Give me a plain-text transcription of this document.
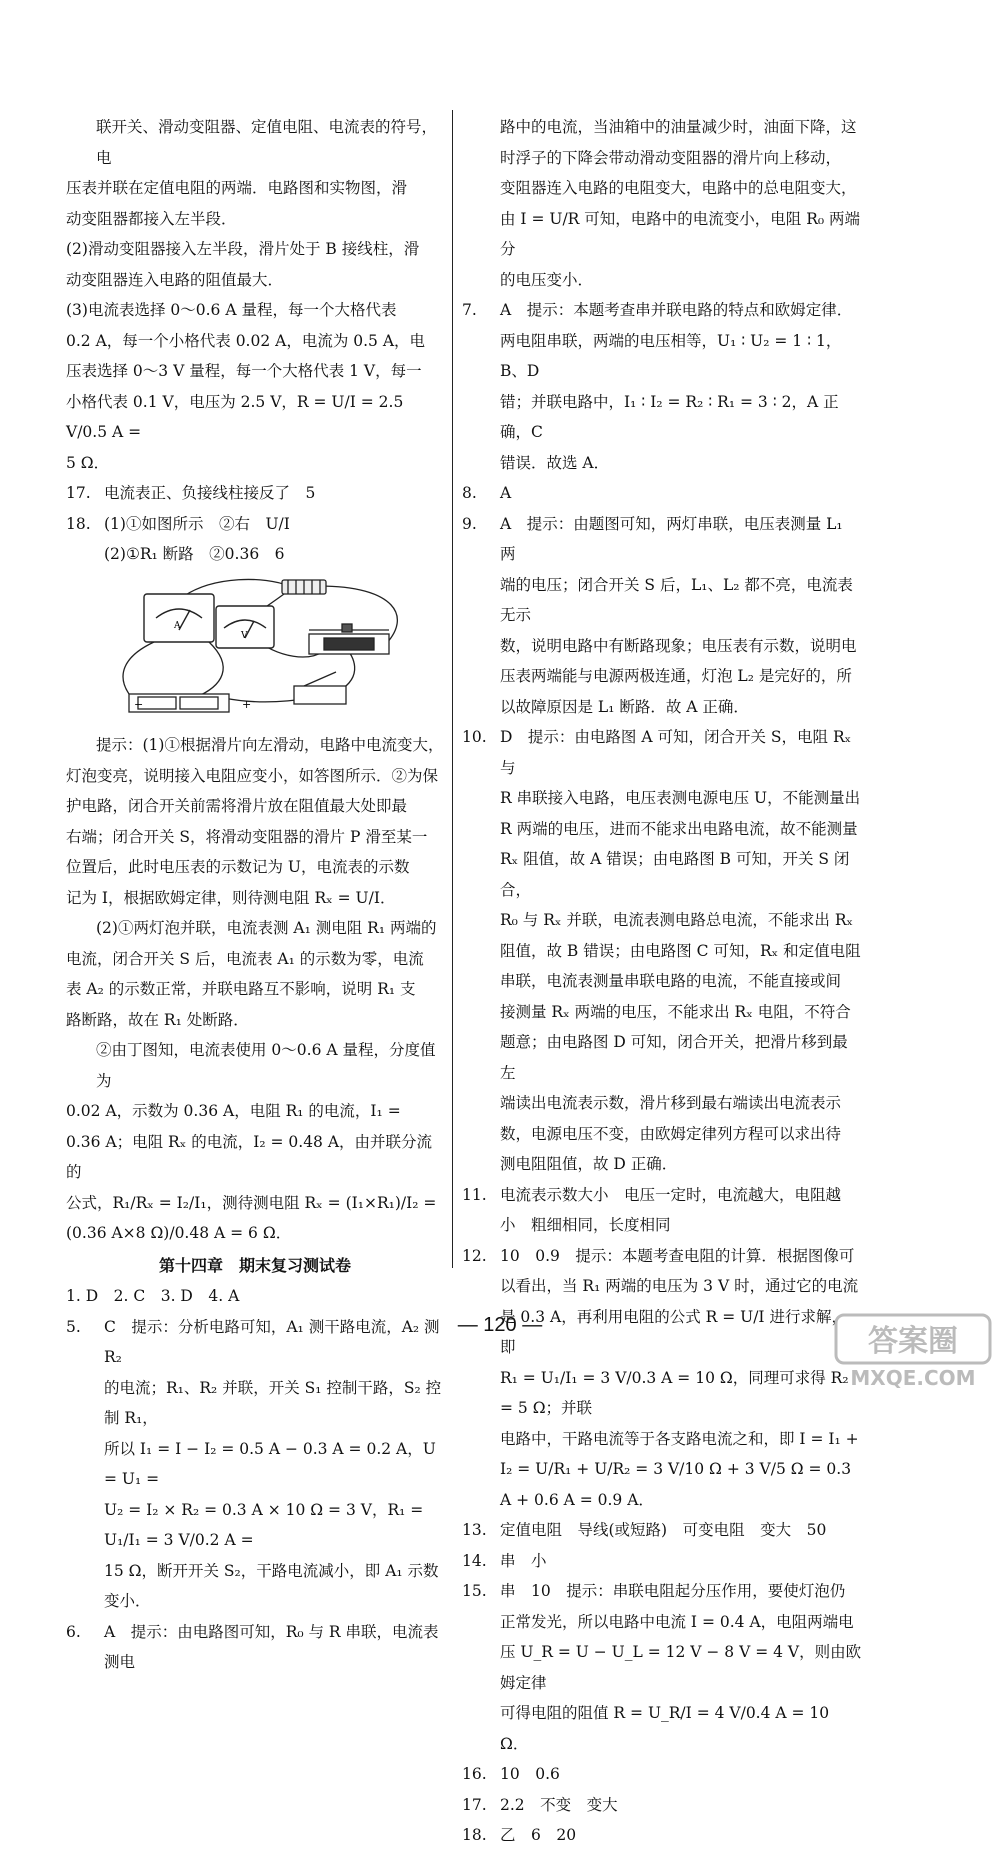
联开关、滑动变阻器、定值电阻、电流表的符号，电

压表并联在定值电阻的两端．电路图和实物图，滑

动变阻器都接入左半段．

(2)滑动变阻器接入左半段，滑片处于 B 接线柱，滑

动变阻器连入电路的阻值最大．

(3)电流表选择 0～0.6 A 量程，每一个大格代表

0.2 A，每一个小格代表 0.02 A，电流为 0.5 A，电

压表选择 0～3 V 量程，每一个大格代表 1 V，每一

小格代表 0.1 V，电压为 2.5 V，R = U/I = 2.5 V/0.5 A =

5 Ω．

17. 电流表正、负接线柱接反了　5
18. (1)①如图所示　②右　U/I

(2)①R₁ 断路　②0.36　6

A
V
−	+

提示：(1)①根据滑片向左滑动，电路中电流变大，

灯泡变亮，说明接入电阻应变小，如答图所示．②为保

护电路，闭合开关前需将滑片放在阻值最大处即最

右端；闭合开关 S，将滑动变阻器的滑片 P 滑至某一

位置后，此时电压表的示数记为 U，电流表的示数

记为 I，根据欧姆定律，则待测电阻 Rₓ = U/I．

(2)①两灯泡并联，电流表测 A₁ 测电阻 R₁ 两端的

电流，闭合开关 S 后，电流表 A₁ 的示数为零，电流

表 A₂ 的示数正常，并联电路互不影响，说明 R₁ 支

路断路，故在 R₁ 处断路．

②由丁图知，电流表使用 0～0.6 A 量程，分度值为

0.02 A，示数为 0.36 A，电阻 R₁ 的电流，I₁ =

0.36 A；电阻 Rₓ 的电流，I₂ = 0.48 A，由并联分流的

公式，R₁/Rₓ = I₂/I₁，测待测电阻 Rₓ = (I₁×R₁)/I₂ =

(0.36 A×8 Ω)/0.48 A = 6 Ω．

第十四章　期末复习测试卷

1. D　2. C　3. D　4. A

5.	C　提示：分析电路可知，A₁ 测干路电流，A₂ 测 R₂

的电流；R₁、R₂ 并联，开关 S₁ 控制干路，S₂ 控制 R₁，

所以 I₁ = I − I₂ = 0.5 A − 0.3 A = 0.2 A，U = U₁ =

U₂ = I₂ × R₂ = 0.3 A × 10 Ω = 3 V，R₁ = U₁/I₁ = 3 V/0.2 A =

15 Ω，断开开关 S₂，干路电流减小，即 A₁ 示数变小．

6.	A　提示：由电路图可知，R₀ 与 R 串联，电流表测电

路中的电流，当油箱中的油量减少时，油面下降，这

时浮子的下降会带动滑动变阻器的滑片向上移动，

变阻器连入电路的电阻变大，电路中的总电阻变大，

由 I = U/R 可知，电路中的电流变小，电阻 R₀ 两端分

的电压变小．

7.	A　提示：本题考查串并联电路的特点和欧姆定律．

两电阻串联，两端的电压相等，U₁ ∶ U₂ = 1 ∶ 1，B、D

错；并联电路中，I₁ ∶ I₂ = R₂ ∶ R₁ = 3 ∶ 2，A 正确，C

错误．故选 A．

8.	A

9.	A　提示：由题图可知，两灯串联，电压表测量 L₁ 两

端的电压；闭合开关 S 后，L₁、L₂ 都不亮，电流表无示

数，说明电路中有断路现象；电压表有示数，说明电

压表两端能与电源两极连通，灯泡 L₂ 是完好的，所

以故障原因是 L₁ 断路．故 A 正确．

10. D　提示：由电路图 A 可知，闭合开关 S，电阻 Rₓ 与

R 串联接入电路，电压表测电源电压 U，不能测量出

R 两端的电压，进而不能求出电路电流，故不能测量

Rₓ 阻值，故 A 错误；由电路图 B 可知，开关 S 闭合，

R₀ 与 Rₓ 并联，电流表测电路总电流，不能求出 Rₓ

阻值，故 B 错误；由电路图 C 可知，Rₓ 和定值电阻

串联，电流表测量串联电路的电流，不能直接或间

接测量 Rₓ 两端的电压，不能求出 Rₓ 电阻，不符合

题意；由电路图 D 可知，闭合开关，把滑片移到最左

端读出电流表示数，滑片移到最右端读出电流表示

数，电源电压不变，由欧姆定律列方程可以求出待

测电阻阻值，故 D 正确．

11. 电流表示数大小　电压一定时，电流越大，电阻越

小　粗细相同，长度相同

12. 10　0.9　提示：本题考查电阻的计算．根据图像可

以看出，当 R₁ 两端的电压为 3 V 时，通过它的电流

是 0.3 A，再利用电阻的公式 R = U/I 进行求解，即

R₁ = U₁/I₁ = 3 V/0.3 A = 10 Ω，同理可求得 R₂ = 5 Ω；并联

电路中，干路电流等于各支路电流之和，即 I = I₁ +

I₂ = U/R₁ + U/R₂ = 3 V/10 Ω + 3 V/5 Ω = 0.3 A + 0.6 A = 0.9 A．

13. 定值电阻　导线(或短路)　可变电阻　变大　50

14. 串　小

15. 串　10　提示：串联电阻起分压作用，要使灯泡仍

正常发光，所以电路中电流 I = 0.4 A，电阻两端电

压 U_R = U − U_L = 12 V − 8 V = 4 V，则由欧姆定律

可得电阻的阻值 R = U_R/I = 4 V/0.4 A = 10 Ω．

16. 10　0.6

17. 2.2　不变　变大

18. 乙　6　20

— 120 —	答案圈
MXQE.COM
